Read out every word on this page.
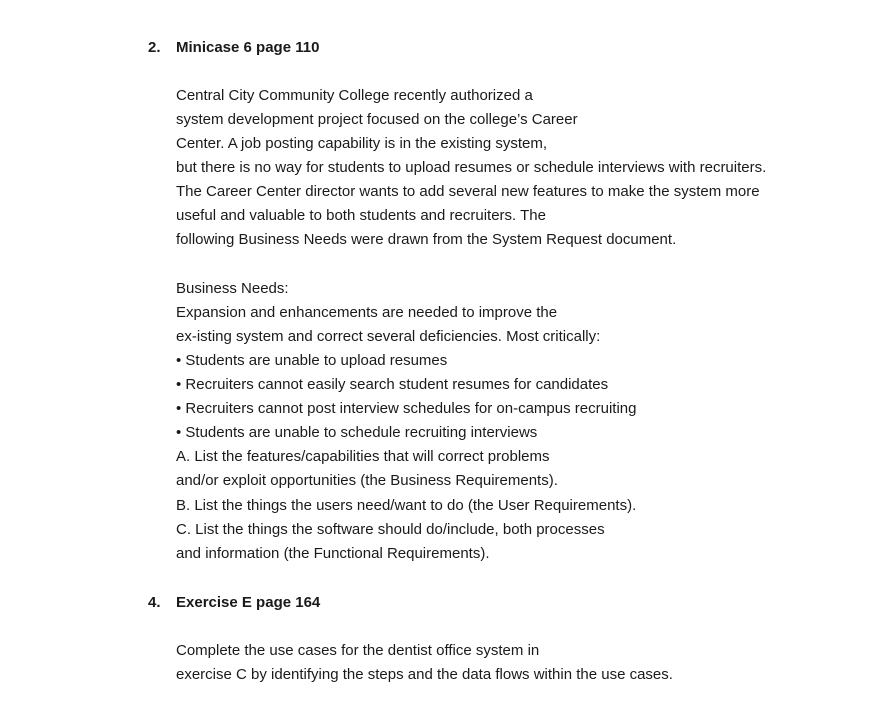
2. Minicase 6 page 110
Central City Community College recently authorized a
system development project focused on the college’s Career
Center. A job posting capability is in the existing system,
but there is no way for students to upload resumes or schedule interviews with recruiters.
The Career Center director wants to add several new features to make the system more
useful and valuable to both students and recruiters. The
following Business Needs were drawn from the System Request document.
Business Needs:
Expansion and enhancements are needed to improve the
ex-isting system and correct several deficiencies. Most critically:
• Students are unable to upload resumes
• Recruiters cannot easily search student resumes for candidates
• Recruiters cannot post interview schedules for on-campus recruiting
• Students are unable to schedule recruiting interviews
A. List the features/capabilities that will correct problems
and/or exploit opportunities (the Business Requirements).
B. List the things the users need/want to do (the User Requirements).
C. List the things the software should do/include, both processes
and information (the Functional Requirements).
4. Exercise E page 164
Complete the use cases for the dentist office system in
exercise C by identifying the steps and the data flows within the use cases.
